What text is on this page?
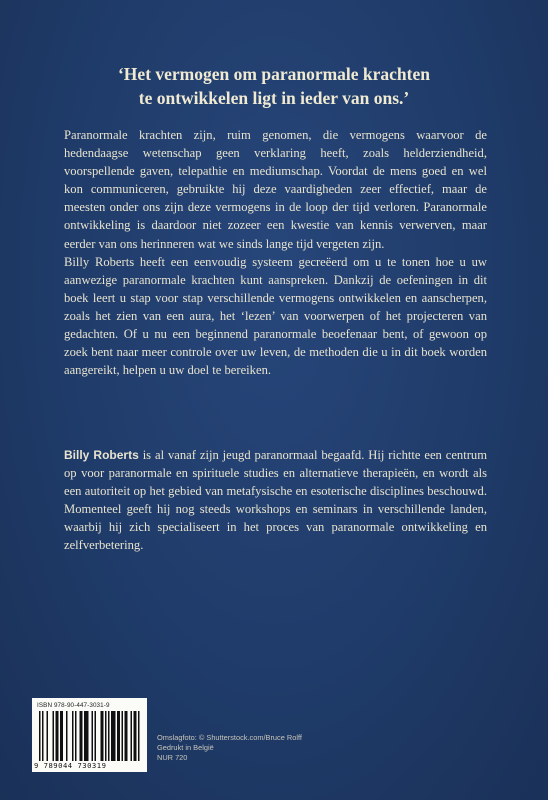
‘Het vermogen om paranormale krachten
te ontwikkelen ligt in ieder van ons.’

Paranormale krachten zijn, ruim genomen, die vermogens waarvoor de hedendaagse wetenschap geen verklaring heeft, zoals helderziendheid, voorspellende gaven, telepathie en mediumschap. Voordat de mens goed en wel kon communiceren, gebruikte hij deze vaardigheden zeer effectief, maar de meesten onder ons zijn deze vermogens in de loop der tijd verloren. Paranormale ontwikkeling is daardoor niet zozeer een kwestie van kennis verwerven, maar eerder van ons herinneren wat we sinds lange tijd vergeten zijn.

Billy Roberts heeft een eenvoudig systeem gecreëerd om u te tonen hoe u uw aanwezige paranormale krachten kunt aanspreken. Dankzij de oefeningen in dit boek leert u stap voor stap verschillende vermogens ontwikkelen en aanscherpen, zoals het zien van een aura, het ‘lezen’ van voorwerpen of het projecteren van gedachten. Of u nu een beginnend paranormale beoefenaar bent, of gewoon op zoek bent naar meer controle over uw leven, de methoden die u in dit boek worden aangereikt, helpen u uw doel te bereiken.

Billy Roberts is al vanaf zijn jeugd paranormaal begaafd. Hij richtte een centrum op voor paranormale en spirituele studies en alternatieve therapieën, en wordt als een autoriteit op het gebied van metafysische en esoterische disciplines beschouwd. Momenteel geeft hij nog steeds workshops en seminars in verschillende landen, waarbij hij zich specialiseert in het proces van paranormale ontwikkeling en zelfverbetering.
ISBN 978-90-447-3031-9
9 789044 730319
Omslagfoto: © Shutterstock.com/Bruce Rolff
Gedrukt in België
NUR 720
